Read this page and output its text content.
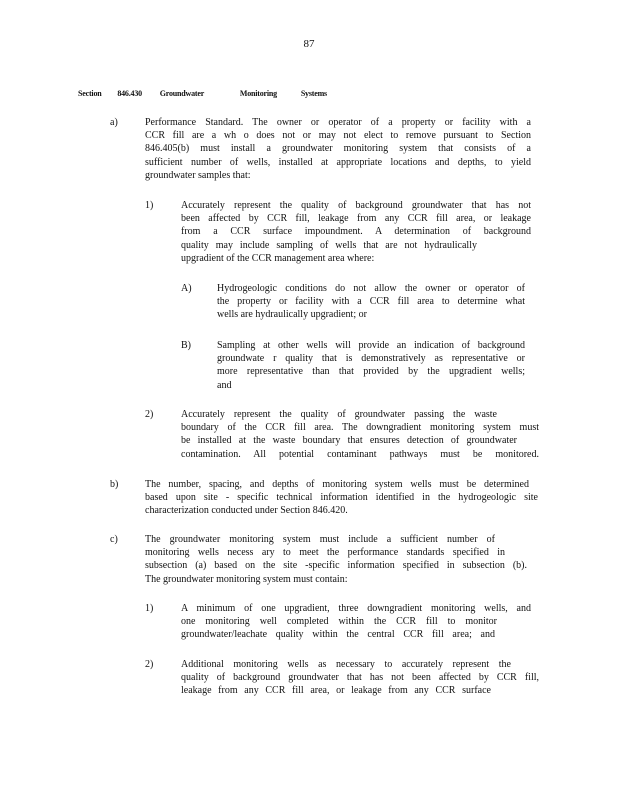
87
Section 846.430 Groundwater	Monitoring	Systems
a)	Performance Standard. The owner or operator of a property or facility with a
CCR fill are a wh o does not or may not elect to remove pursuant to Section
846.405(b) must install a groundwater monitoring system that consists of a
sufficient number of wells, installed at appropriate locations and depths, to yield
groundwater samples that:
1)	Accurately represent the quality of background groundwater that has not
been affected by CCR fill, leakage from any CCR fill area, or leakage
from a CCR surface impoundment. A determination of background
quality may include sampling of wells that are not hydraulically
upgradient of the CCR management area where:
A)	Hydrogeologic conditions do not allow the owner or operator of
the property or facility with a CCR fill area to determine what
wells are hydraulically upgradient; or
B)	Sampling at other wells will provide an indication of background
groundwate r quality that is demonstratively as representative or
more representative than that provided by the upgradient wells;
and
2)	Accurately represent the quality of groundwater passing the waste
boundary of the CCR fill area. The downgradient monitoring system must
be installed at the waste boundary that ensures detection of groundwater
contamination. All potential contaminant pathways must be monitored.
b)	The number, spacing, and depths of monitoring system wells must be determined
based upon site - specific technical information identified in the hydrogeologic site
characterization conducted under Section 846.420.
c)	The groundwater monitoring system must include a sufficient number of
monitoring wells necess ary to meet the performance standards specified in
subsection (a) based on the site -specific information specified in subsection (b).
The groundwater monitoring system must contain:
1)	A minimum of one upgradient, three downgradient monitoring wells, and
one monitoring well completed within the CCR fill to monitor
groundwater/leachate quality within the central CCR fill area; and
2)	Additional monitoring wells as necessary to accurately represent the
quality of background groundwater that has not been affected by CCR fill,
leakage from any CCR fill area, or leakage from any CCR surface
